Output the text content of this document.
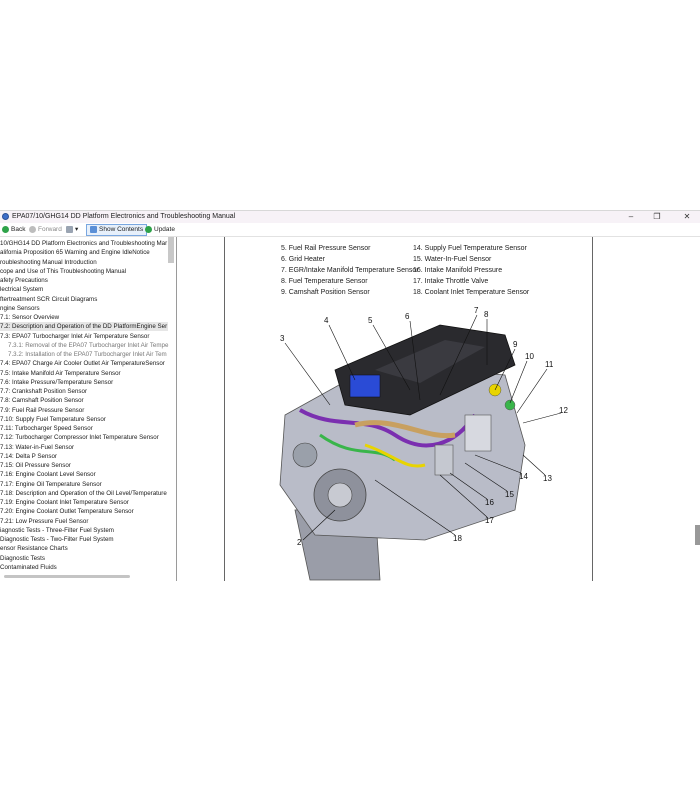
EPA07/10/GHG14 DD Platform Electronics and Troubleshooting Manual	–	❐	✕
Back	Forward	▾	Show Contents	Update
10/GHG14 DD Platform Electronics and Troubleshooting Mar
alifornia Proposition 65 Warning and Engine IdleNotice
roubleshooting Manual Introduction
cope and Use of This Troubleshooting Manual
afety Precautions
lectrical System
ftertreatment SCR Circuit Diagrams
ngine Sensors
7.1: Sensor Overview
7.2: Description and Operation of the DD PlatformEngine Ser
7.3: EPA07 Turbocharger Inlet Air Temperature Sensor
7.3.1: Removal of the EPA07 Turbocharger Inlet Air Tempe
7.3.2: Installation of the EPA07 Turbocharger Inlet Air Tem
7.4: EPA07 Charge Air Cooler Outlet Air TemperatureSensor
7.5: Intake Manifold Air Temperature Sensor
7.6: Intake Pressure/Temperature Sensor
7.7: Crankshaft Position Sensor
7.8: Camshaft Position Sensor
7.9: Fuel Rail Pressure Sensor
7.10: Supply Fuel Temperature Sensor
7.11: Turbocharger Speed Sensor
7.12: Turbocharger Compressor Inlet Temperature Sensor
7.13: Water-in-Fuel Sensor
7.14: Delta P Sensor
7.15: Oil Pressure Sensor
7.16: Engine Coolant Level Sensor
7.17: Engine Oil Temperature Sensor
7.18: Description and Operation of the Oil Level/Temperature
7.19: Engine Coolant Inlet Temperature Sensor
7.20: Engine Coolant Outlet Temperature Sensor
7.21: Low Pressure Fuel Sensor
iagnostic Tests - Three-Filter Fuel System
Diagnostic Tests - Two-Filter Fuel System
ensor Resistance Charts
Diagnostic Tests
Contaminated Fluids
5. Fuel Rail Pressure Sensor
6. Grid Heater
7. EGR/Intake Manifold Temperature Sensor
8. Fuel Temperature Sensor
9. Camshaft Position Sensor
14. Supply Fuel Temperature Sensor
15. Water-In-Fuel Sensor
16. Intake Manifold Pressure
17. Intake Throttle Valve
18. Coolant Inlet Temperature Sensor
2
3
4	5	6
7 8
9
10
11
12
13
14
15
16
17
18
